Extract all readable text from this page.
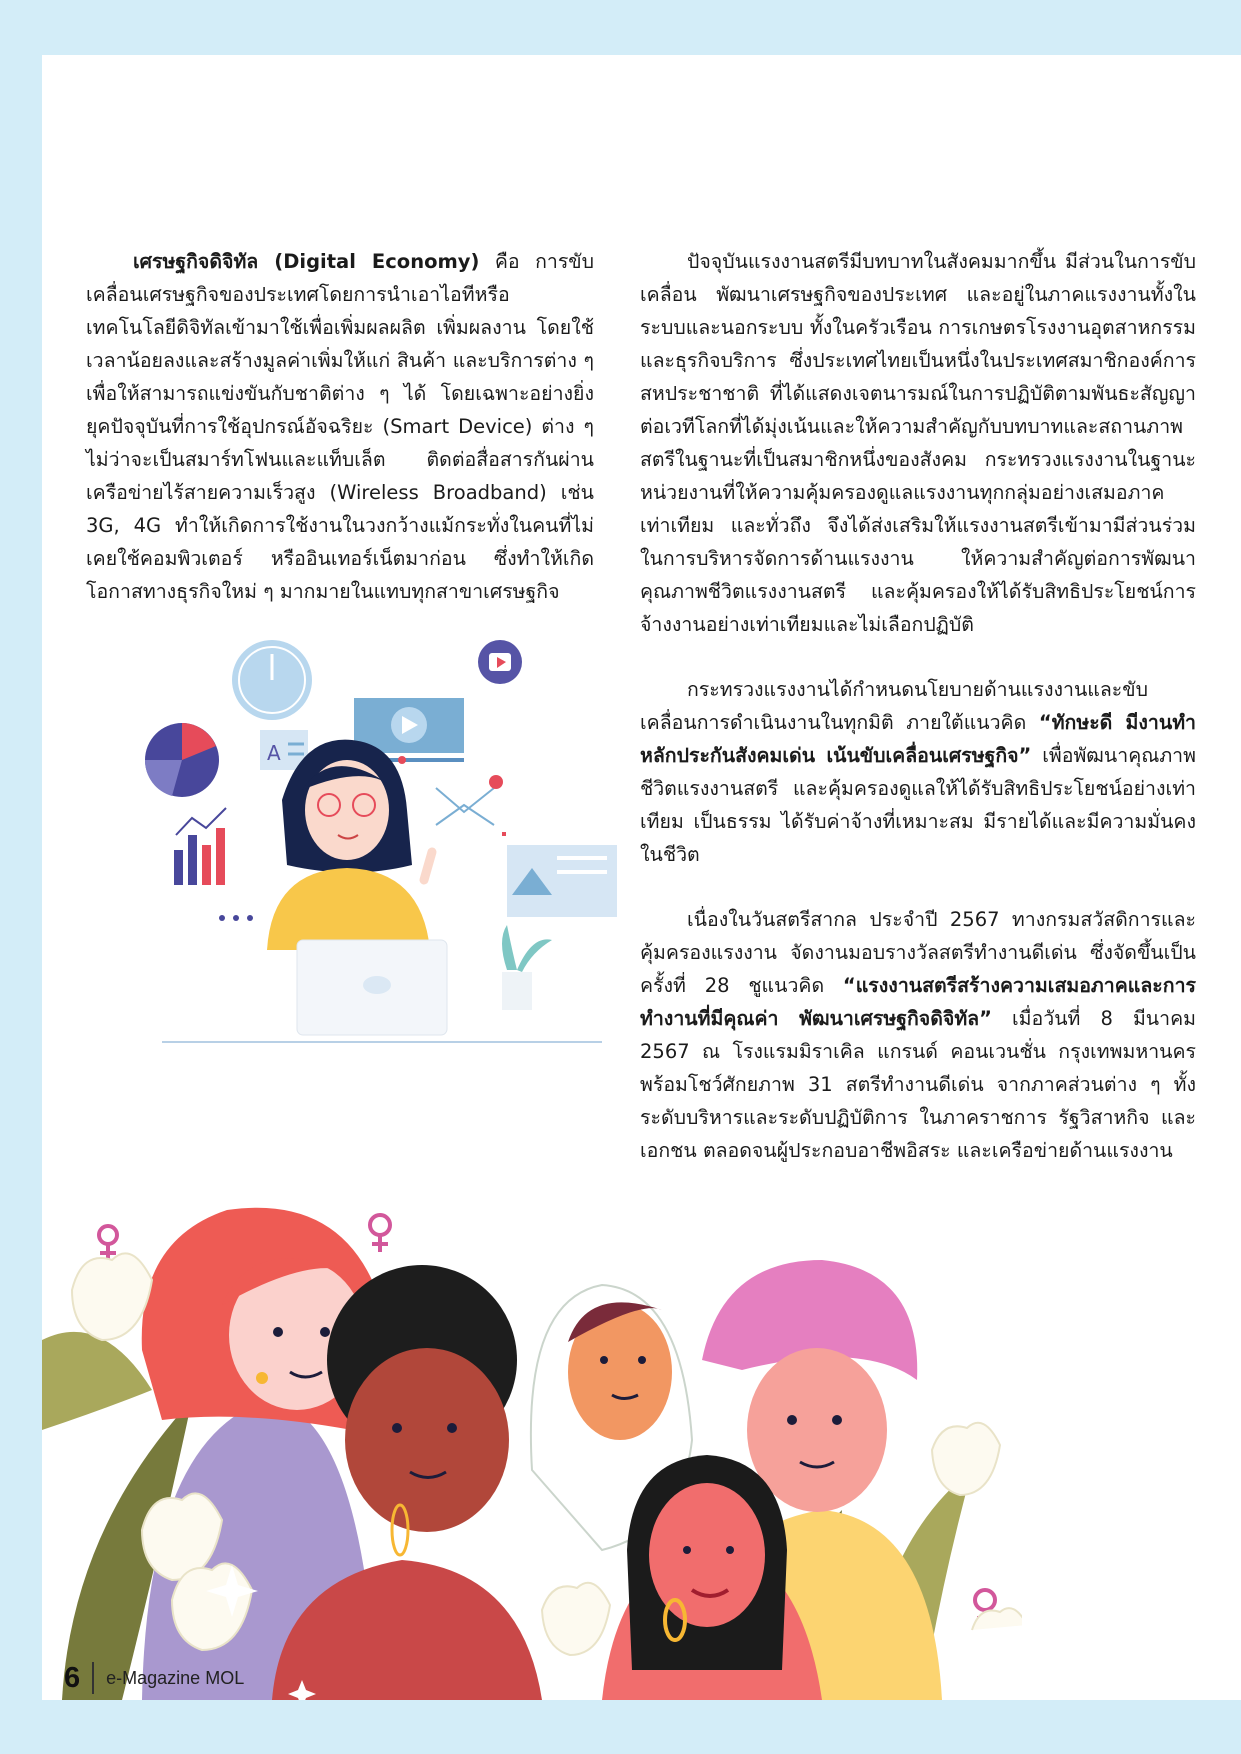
เศรษฐกิจดิจิทัล (Digital Economy) คือ การขับเคลื่อนเศรษฐกิจของประเทศโดยการนำเอาไอทีหรือเทคโนโลยีดิจิทัลเข้ามาใช้เพื่อเพิ่มผลผลิต เพิ่มผลงาน โดยใช้เวลาน้อยลงและสร้างมูลค่าเพิ่มให้แก่ สินค้า และบริการต่าง ๆ เพื่อให้สามารถแข่งขันกับชาติต่าง ๆ ได้ โดยเฉพาะอย่างยิ่งยุคปัจจุบันที่การใช้อุปกรณ์อัจฉริยะ (Smart Device) ต่าง ๆ ไม่ว่าจะเป็นสมาร์ทโฟนและแท็บเล็ต ติดต่อสื่อสารกันผ่านเครือข่ายไร้สายความเร็วสูง (Wireless Broadband) เช่น 3G, 4G ทำให้เกิดการใช้งานในวงกว้างแม้กระทั่งในคนที่ไม่เคยใช้คอมพิวเตอร์ หรืออินเทอร์เน็ตมาก่อน ซึ่งทำให้เกิดโอกาสทางธุรกิจใหม่ ๆ มากมายในแทบทุกสาขาเศรษฐกิจ

ปัจจุบันแรงงานสตรีมีบทบาทในสังคมมากขึ้น มีส่วนในการขับเคลื่อน พัฒนาเศรษฐกิจของประเทศ และอยู่ในภาคแรงงานทั้งในระบบและนอกระบบ ทั้งในครัวเรือน การเกษตรโรงงานอุตสาหกรรม และธุรกิจบริการ ซึ่งประเทศไทยเป็นหนึ่งในประเทศสมาชิกองค์การสหประชาชาติ ที่ได้แสดงเจตนารมณ์ในการปฏิบัติตามพันธะสัญญาต่อเวทีโลกที่ได้มุ่งเน้นและให้ความสำคัญกับบทบาทและสถานภาพสตรีในฐานะที่เป็นสมาชิกหนึ่งของสังคม กระทรวงแรงงานในฐานะหน่วยงานที่ให้ความคุ้มครองดูแลแรงงานทุกกลุ่มอย่างเสมอภาค เท่าเทียม และทั่วถึง จึงได้ส่งเสริมให้แรงงานสตรีเข้ามามีส่วนร่วมในการบริหารจัดการด้านแรงงาน ให้ความสำคัญต่อการพัฒนาคุณภาพชีวิตแรงงานสตรี และคุ้มครองให้ได้รับสิทธิประโยชน์การจ้างงานอย่างเท่าเทียมและไม่เลือกปฏิบัติ

กระทรวงแรงงานได้กำหนดนโยบายด้านแรงงานและขับเคลื่อนการดำเนินงานในทุกมิติ ภายใต้แนวคิด “ทักษะดี มีงานทำ หลักประกันสังคมเด่น เน้นขับเคลื่อนเศรษฐกิจ” เพื่อพัฒนาคุณภาพชีวิตแรงงานสตรี และคุ้มครองดูแลให้ได้รับสิทธิประโยชน์อย่างเท่าเทียม เป็นธรรม ได้รับค่าจ้างที่เหมาะสม มีรายได้และมีความมั่นคงในชีวิต

เนื่องในวันสตรีสากล ประจำปี 2567 ทางกรมสวัสดิการและคุ้มครองแรงงาน จัดงานมอบรางวัลสตรีทำงานดีเด่น ซึ่งจัดขึ้นเป็นครั้งที่ 28 ชูแนวคิด “แรงงานสตรีสร้างความเสมอภาคและการทำงานที่มีคุณค่า พัฒนาเศรษฐกิจดิจิทัล” เมื่อวันที่ 8 มีนาคม 2567 ณ โรงแรมมิราเคิล แกรนด์ คอนเวนชั่น กรุงเทพมหานคร พร้อมโชว์ศักยภาพ 31 สตรีทำงานดีเด่น จากภาคส่วนต่าง ๆ ทั้งระดับบริหารและระดับปฏิบัติการ ในภาคราชการ รัฐวิสาหกิจ และเอกชน ตลอดจนผู้ประกอบอาชีพอิสระ และเครือข่ายด้านแรงงาน

A
6 e-Magazine MOL
